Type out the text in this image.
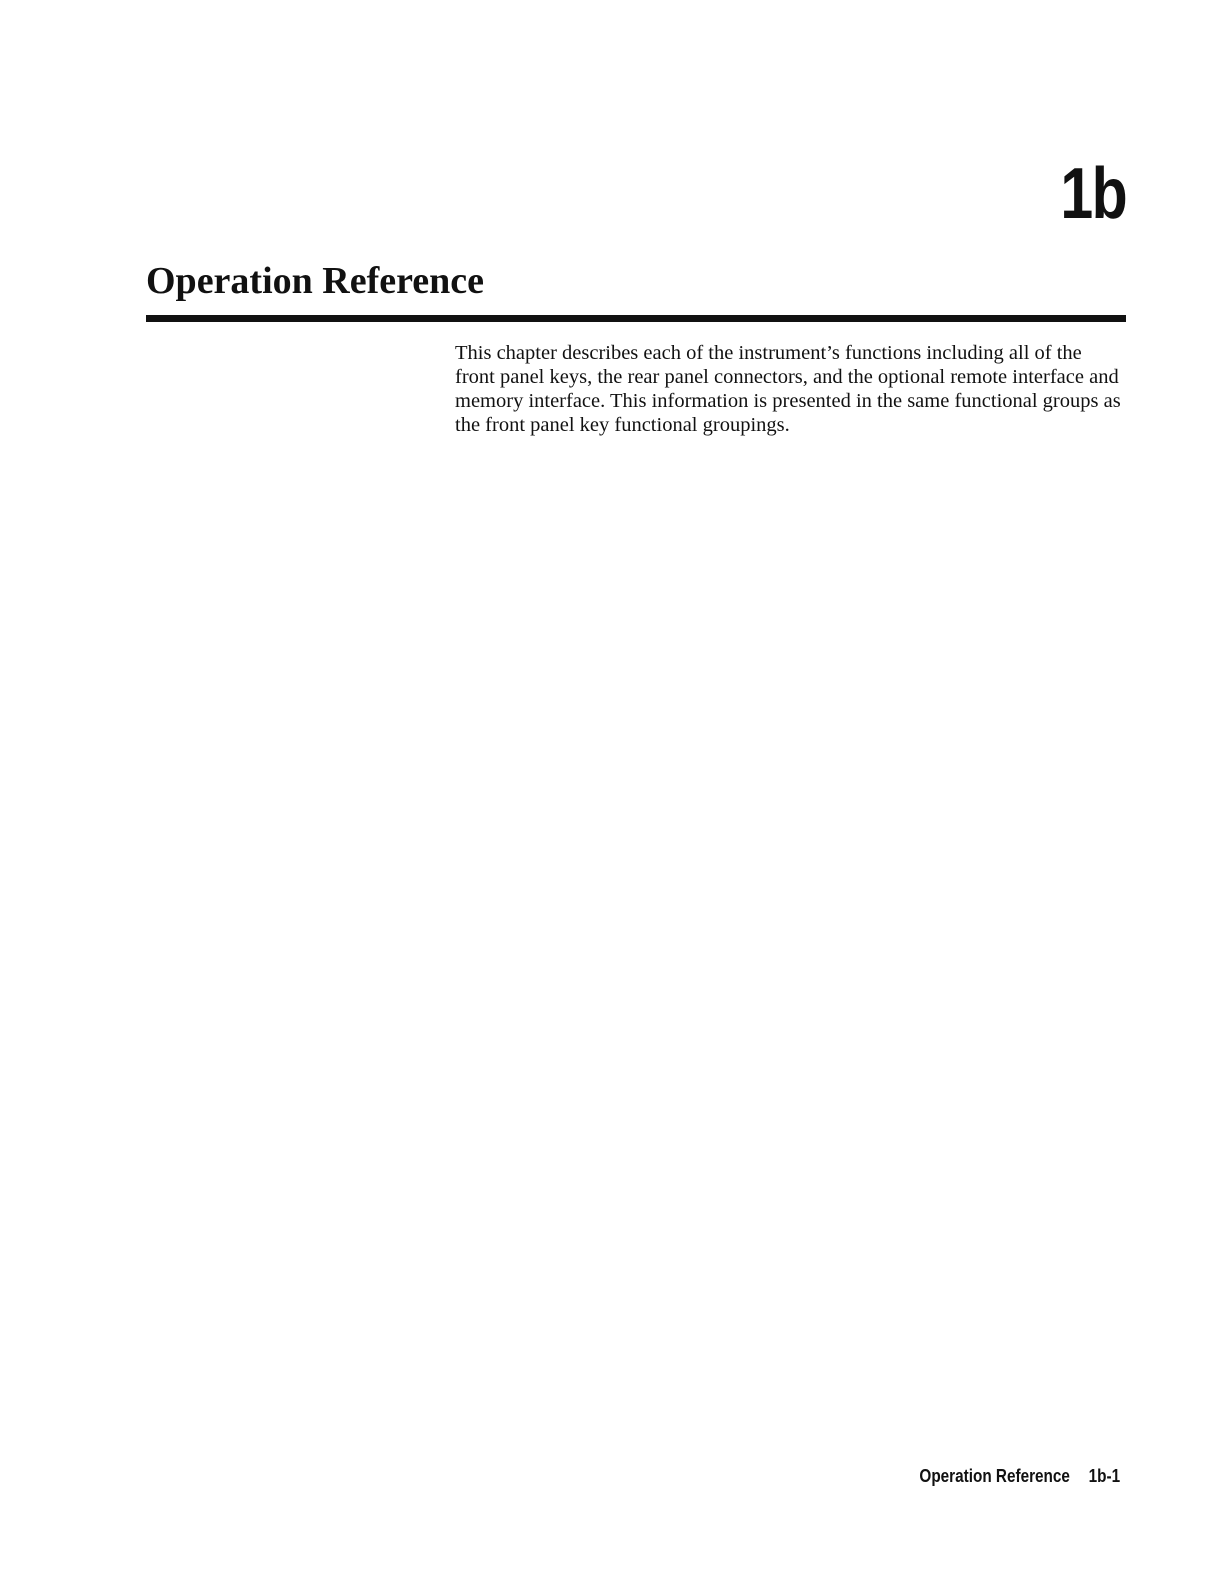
1b
Operation Reference

This chapter describes each of the instrument’s functions including all of the front panel keys, the rear panel connectors, and the optional remote interface and memory interface. This information is presented in the same functional groups as the front panel key functional groupings.

Operation Reference 1b-1
